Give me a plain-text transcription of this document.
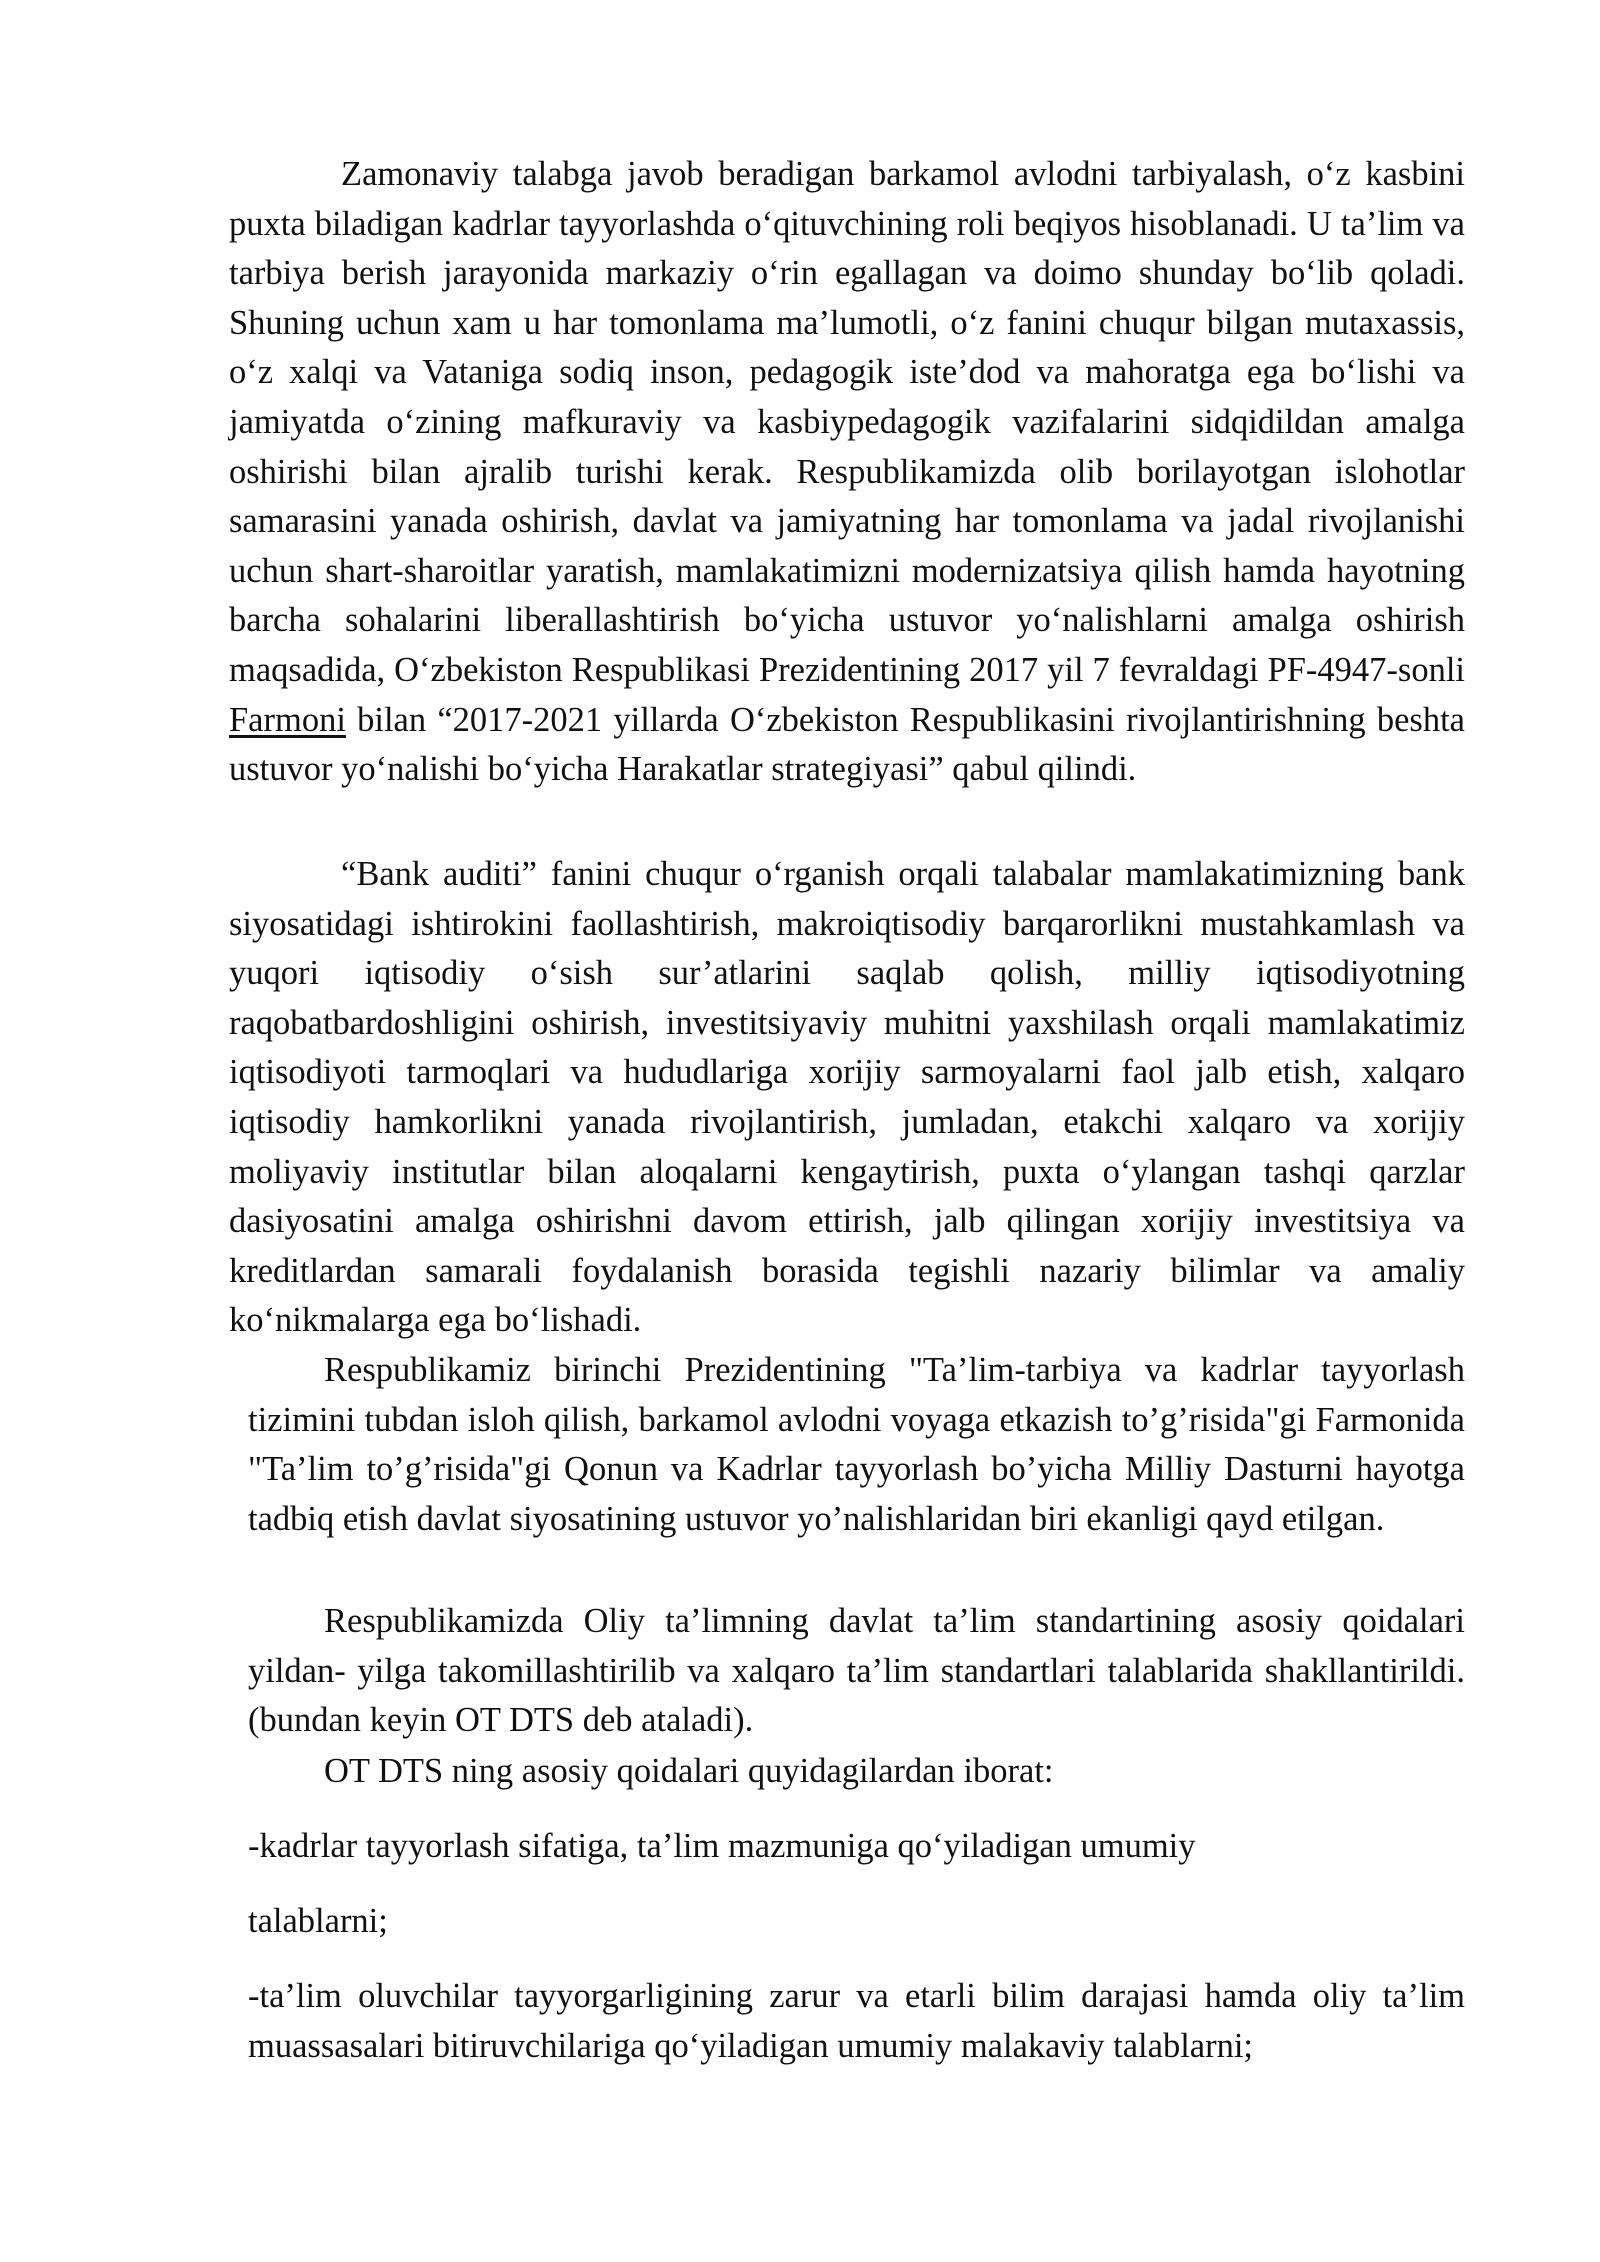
Zamonaviy talabga javob beradigan barkamol avlodni tarbiyalash, o‘z kasbini puxta biladigan kadrlar tayyorlashda o‘qituvchining roli beqiyos hisoblanadi. U ta’lim va tarbiya berish jarayonida markaziy o‘rin egallagan va doimo shunday bo‘lib qoladi. Shuning uchun xam u har tomonlama ma’lumotli, o‘z fanini chuqur bilgan mutaxassis, o‘z xalqi va Vataniga sodiq inson, pedagogik iste’dod va mahoratga ega bo‘lishi va jamiyatda o‘zining mafkuraviy va kasbiypedagogik vazifalarini sidqidildan amalga oshirishi bilan ajralib turishi kerak. Respublikamizda olib borilayotgan islohotlar samarasini yanada oshirish, davlat va jamiyatning har tomonlama va jadal rivojlanishi uchun shart-sharoitlar yaratish, mamlakatimizni modernizatsiya qilish hamda hayotning barcha sohalarini liberallashtirish bo‘yicha ustuvor yo‘nalishlarni amalga oshirish maqsadida, O‘zbekiston Respublikasi Prezidentining 2017 yil 7 fevraldagi PF-4947-sonli Farmoni bilan “2017-2021 yillarda O‘zbekiston Respublikasini rivojlantirishning beshta ustuvor yo‘nalishi bo‘yicha Harakatlar strategiyasi” qabul qilindi.

“Bank auditi” fanini chuqur o‘rganish orqali talabalar mamlakatimizning bank siyosatidagi ishtirokini faollashtirish, makroiqtisodiy barqarorlikni mustahkamlash va yuqori iqtisodiy o‘sish sur’atlarini saqlab qolish, milliy iqtisodiyotning raqobatbardoshligini oshirish, investitsiyaviy muhitni yaxshilash orqali mamlakatimiz iqtisodiyoti tarmoqlari va hududlariga xorijiy sarmoyalarni faol jalb etish, xalqaro iqtisodiy hamkorlikni yanada rivojlantirish, jumladan, etakchi xalqaro va xorijiy moliyaviy institutlar bilan aloqalarni kengaytirish, puxta o‘ylangan tashqi qarzlar dasiyosatini amalga oshirishni davom ettirish, jalb qilingan xorijiy investitsiya va kreditlardan samarali foydalanish borasida tegishli nazariy bilimlar va amaliy ko‘nikmalarga ega bo‘lishadi.

Respublikamiz birinchi Prezidentining "Ta’lim-tarbiya va kadrlar tayyorlash tizimini tubdan isloh qilish, barkamol avlodni voyaga etkazish to’g’risida"gi Farmonida "Ta’lim to’g’risida"gi Qonun va Kadrlar tayyorlash bo’yicha Milliy Dasturni hayotga tadbiq etish davlat siyosatining ustuvor yo’nalishlaridan biri ekanligi qayd etilgan.

Respublikamizda Oliy ta’limning davlat ta’lim standartining asosiy qoidalari yildan- yilga takomillashtirilib va xalqaro ta’lim standartlari talablarida shakllantirildi. (bundan keyin OT DTS deb ataladi).

OT DTS ning asosiy qoidalari quyidagilardan iborat:

-kadrlar tayyorlash sifatiga, ta’lim mazmuniga qo‘yiladigan umumiy

talablarni;

-ta’lim oluvchilar tayyorgarligining zarur va etarli bilim darajasi hamda oliy ta’lim muassasalari bitiruvchilariga qo‘yiladigan umumiy malakaviy talablarni;
